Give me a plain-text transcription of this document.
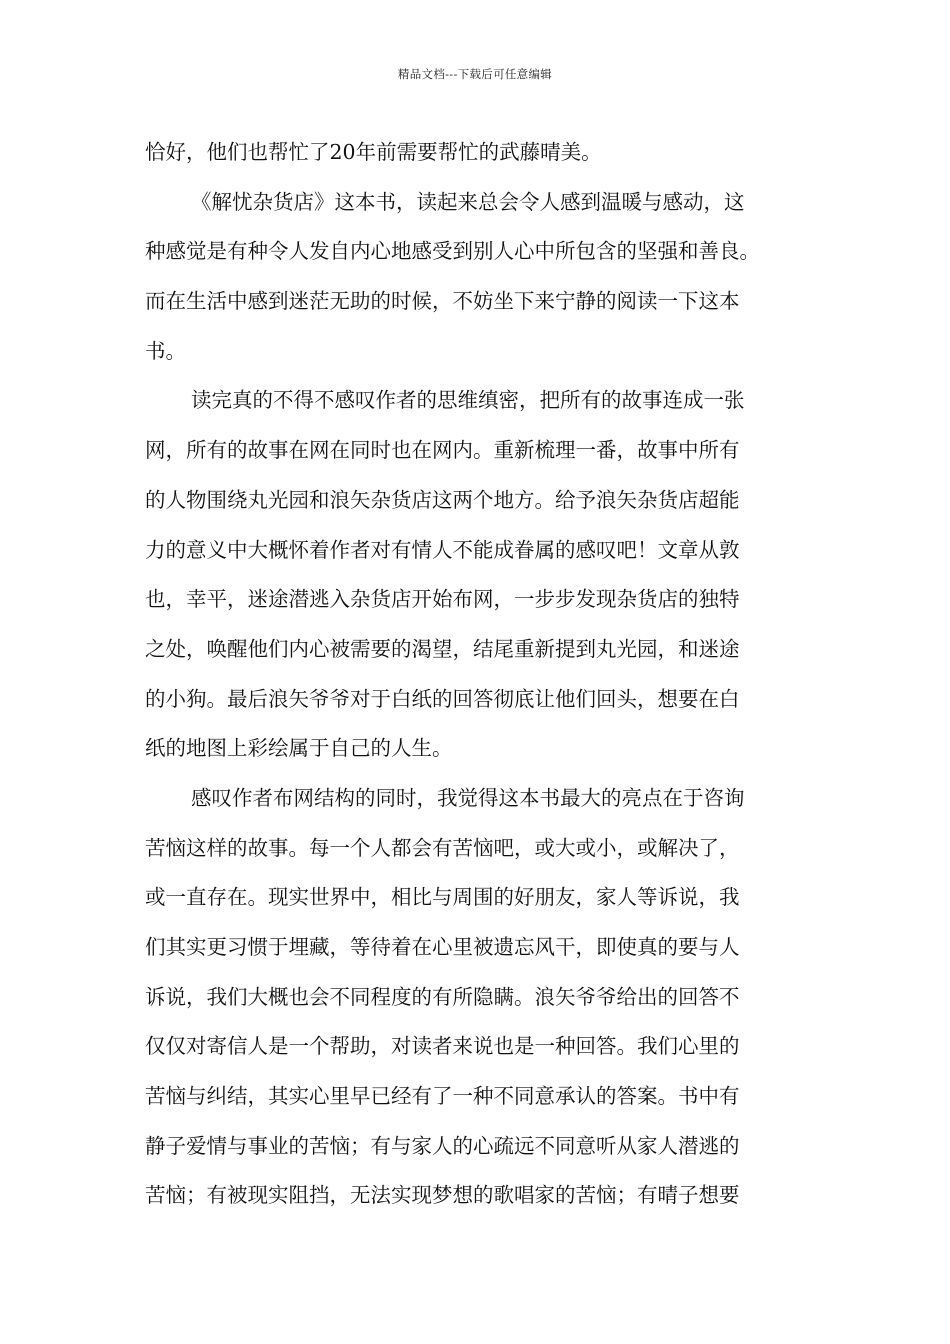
精品文档---下载后可任意编辑
恰好，他们也帮忙了20年前需要帮忙的武藤晴美。
《解忧杂货店》这本书，读起来总会令人感到温暖与感动，这
种感觉是有种令人发自内心地感受到别人心中所包含的坚强和善良。
而在生活中感到迷茫无助的时候，不妨坐下来宁静的阅读一下这本
书。
读完真的不得不感叹作者的思维缜密，把所有的故事连成一张
网，所有的故事在网在同时也在网内。重新梳理一番，故事中所有
的人物围绕丸光园和浪矢杂货店这两个地方。给予浪矢杂货店超能
力的意义中大概怀着作者对有情人不能成眷属的感叹吧！文章从敦
也，幸平，迷途潜逃入杂货店开始布网，一步步发现杂货店的独特
之处，唤醒他们内心被需要的渴望，结尾重新提到丸光园，和迷途
的小狗。最后浪矢爷爷对于白纸的回答彻底让他们回头，想要在白
纸的地图上彩绘属于自己的人生。
感叹作者布网结构的同时，我觉得这本书最大的亮点在于咨询
苦恼这样的故事。每一个人都会有苦恼吧，或大或小，或解决了，
或一直存在。现实世界中，相比与周围的好朋友，家人等诉说，我
们其实更习惯于埋藏，等待着在心里被遗忘风干，即使真的要与人
诉说，我们大概也会不同程度的有所隐瞒。浪矢爷爷给出的回答不
仅仅对寄信人是一个帮助，对读者来说也是一种回答。我们心里的
苦恼与纠结，其实心里早已经有了一种不同意承认的答案。书中有
静子爱情与事业的苦恼；有与家人的心疏远不同意听从家人潜逃的
苦恼；有被现实阻挡，无法实现梦想的歌唱家的苦恼；有晴子想要
